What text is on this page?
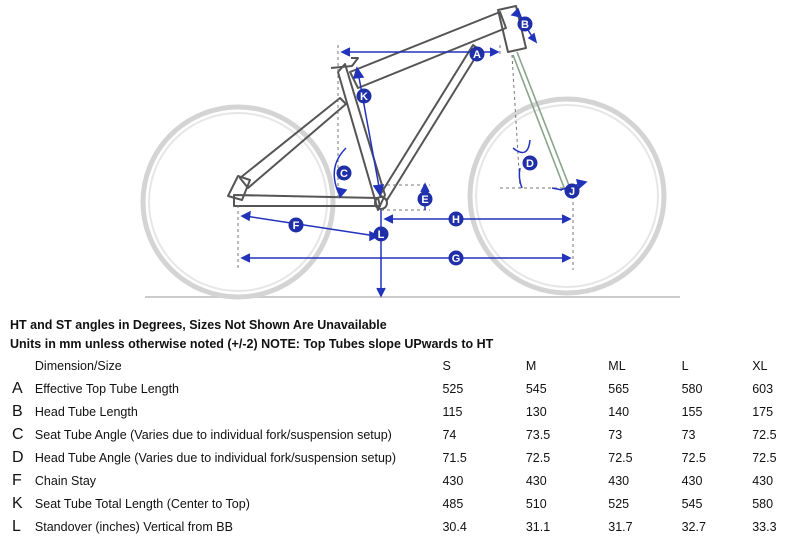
A
B
K
C
D
J
E
F	H
L
G
HT and ST angles in Degrees, Sizes Not Shown Are Unavailable
Units in mm unless otherwise noted (+/-2) NOTE: Top Tubes slope UPwards to HT
	Dimension/Size	S	M	ML	L	XL
A	Effective Top Tube Length	525	545	565	580	603
B	Head Tube Length	115	130	140	155	175
C	Seat Tube Angle (Varies due to individual fork/suspension setup)	74	73.5	73	73	72.5
D	Head Tube Angle (Varies due to individual fork/suspension setup)	71.5	72.5	72.5	72.5	72.5
F	Chain Stay	430	430	430	430	430
K	Seat Tube Total Length (Center to Top)	485	510	525	545	580
L	Standover (inches) Vertical from BB	30.4	31.1	31.7	32.7	33.3
